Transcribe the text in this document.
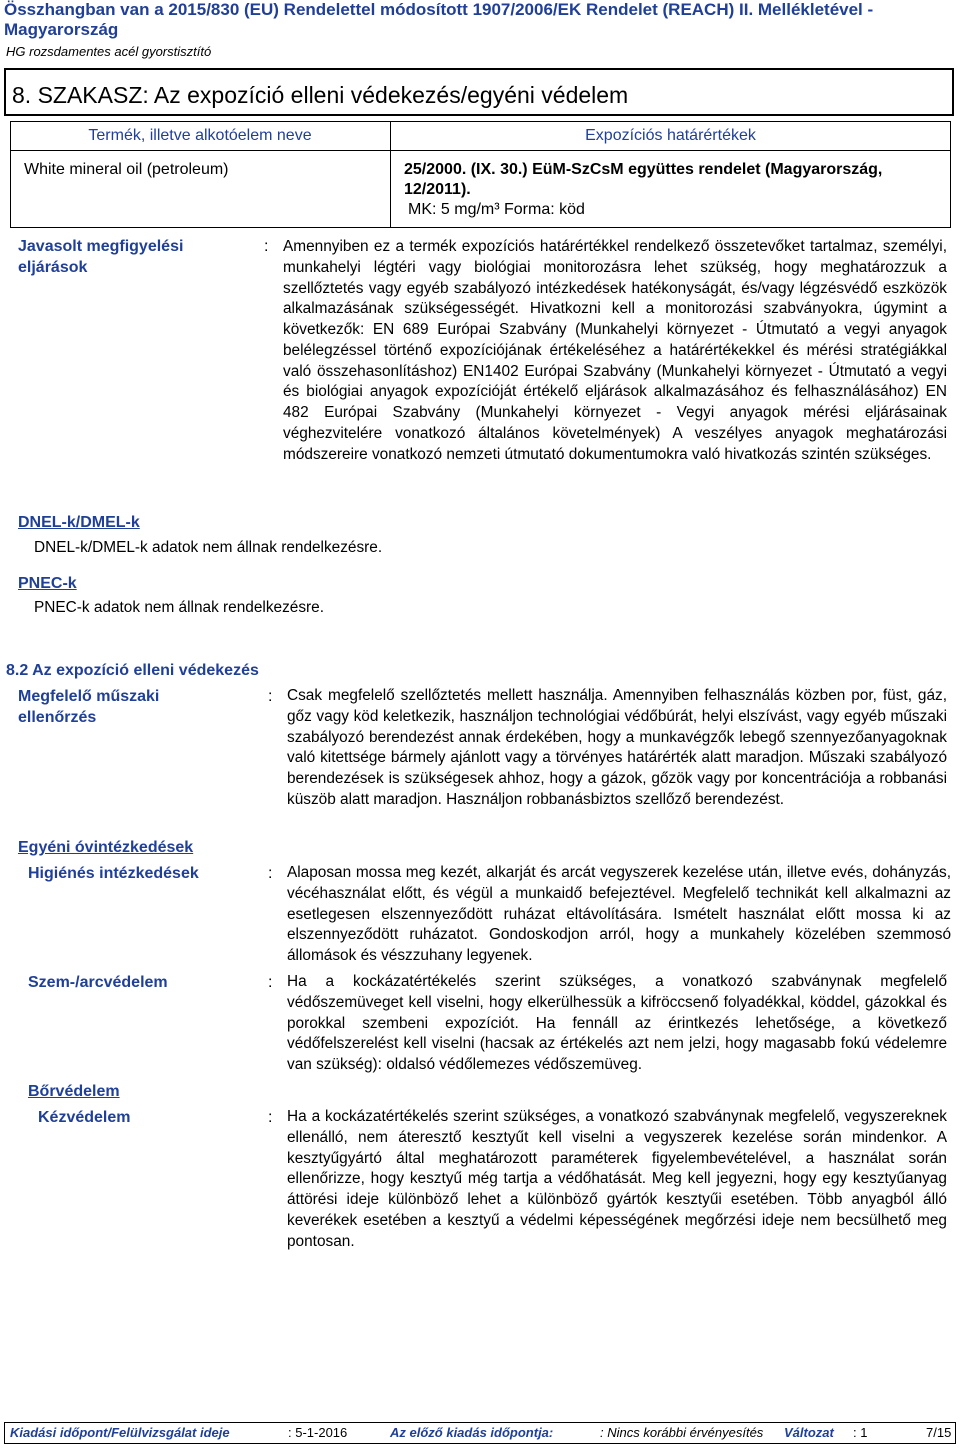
Összhangban van a 2015/830 (EU) Rendelettel módosított 1907/2006/EK Rendelet (REACH) II. Mellékletével - Magyarország
HG rozsdamentes acél gyorstisztító
8. SZAKASZ: Az expozíció elleni védekezés/egyéni védelem
Termék, illetve alkotóelem neve	Expozíciós határértékek
White mineral oil (petroleum)	25/2000. (IX. 30.) EüM-SzCsM együttes rendelet (Magyarország, 12/2011).
MK: 5 mg/m³ Forma: köd
Javasolt megfigyelési eljárások
: Amennyiben ez a termék expozíciós határértékkel rendelkező összetevőket tartalmaz, személyi, munkahelyi légtéri vagy biológiai monitorozásra lehet szükség, hogy meghatározzuk a szellőztetés vagy egyéb szabályozó intézkedések hatékonyságát, és/vagy légzésvédő eszközök alkalmazásának szükségességét. Hivatkozni kell a monitorozási szabványokra, úgymint a következők: EN 689 Európai Szabvány (Munkahelyi környezet - Útmutató a vegyi anyagok belélegzéssel történő expozíciójának értékeléséhez a határértékekkel és mérési stratégiákkal való összehasonlításhoz) EN1402 Európai Szabvány (Munkahelyi környezet - Útmutató a vegyi és biológiai anyagok expozícióját értékelő eljárások alkalmazásához és felhasználásához) EN 482 Európai Szabvány (Munkahelyi környezet - Vegyi anyagok mérési eljárásainak véghezvitelére vonatkozó általános követelmények) A veszélyes anyagok meghatározási módszereire vonatkozó nemzeti útmutató dokumentumokra való hivatkozás szintén szükséges.
DNEL-k/DMEL-k
DNEL-k/DMEL-k adatok nem állnak rendelkezésre.
PNEC-k
PNEC-k adatok nem állnak rendelkezésre.
8.2 Az expozíció elleni védekezés
Megfelelő műszaki ellenőrzés
: Csak megfelelő szellőztetés mellett használja. Amennyiben felhasználás közben por, füst, gáz, gőz vagy köd keletkezik, használjon technológiai védőbúrát, helyi elszívást, vagy egyéb műszaki szabályozó berendezést annak érdekében, hogy a munkavégzők lebegő szennyezőanyagoknak való kitettsége bármely ajánlott vagy a törvényes határérték alatt maradjon. Műszaki szabályozó berendezések is szükségesek ahhoz, hogy a gázok, gőzök vagy por koncentrációja a robbanási küszöb alatt maradjon. Használjon robbanásbiztos szellőző berendezést.
Egyéni óvintézkedések
Higiénés intézkedések	: Alaposan mossa meg kezét, alkarját és arcát vegyszerek kezelése után, illetve evés, dohányzás, vécéhasználat előtt, és végül a munkaidő befejeztével. Megfelelő technikát kell alkalmazni az esetlegesen elszennyeződött ruházat eltávolítására. Ismételt használat előtt mossa ki az elszennyeződött ruházatot. Gondoskodjon arról, hogy a munkahely közelében szemmosó állomások és vészzuhany legyenek.
Szem-/arcvédelem	: Ha a kockázatértékelés szerint szükséges, a vonatkozó szabványnak megfelelő védőszemüveget kell viselni, hogy elkerülhessük a kifröccsenő folyadékkal, köddel, gázokkal és porokkal szembeni expozíciót. Ha fennáll az érintkezés lehetősége, a következő védőfelszerelést kell viselni (hacsak az értékelés azt nem jelzi, hogy magasabb fokú védelemre van szükség): oldalsó védőlemezes védőszemüveg.
Bőrvédelem
Kézvédelem	: Ha a kockázatértékelés szerint szükséges, a vonatkozó szabványnak megfelelő, vegyszereknek ellenálló, nem áteresztő kesztyűt kell viselni a vegyszerek kezelése során mindenkor. A kesztyűgyártó által meghatározott paraméterek figyelembevételével, a használat során ellenőrizze, hogy kesztyű még tartja a védőhatását. Meg kell jegyezni, hogy egy kesztyűanyag áttörési ideje különböző lehet a különböző gyártók kesztyűi esetében. Több anyagból álló keverékek esetében a kesztyű a védelmi képességének megőrzési ideje nem becsülhető meg pontosan.
Kiadási időpont/Felülvizsgálat ideje	: 5-1-2016	Az előző kiadás időpontja:	: Nincs korábbi érvényesítés Változat : 1	7/15
